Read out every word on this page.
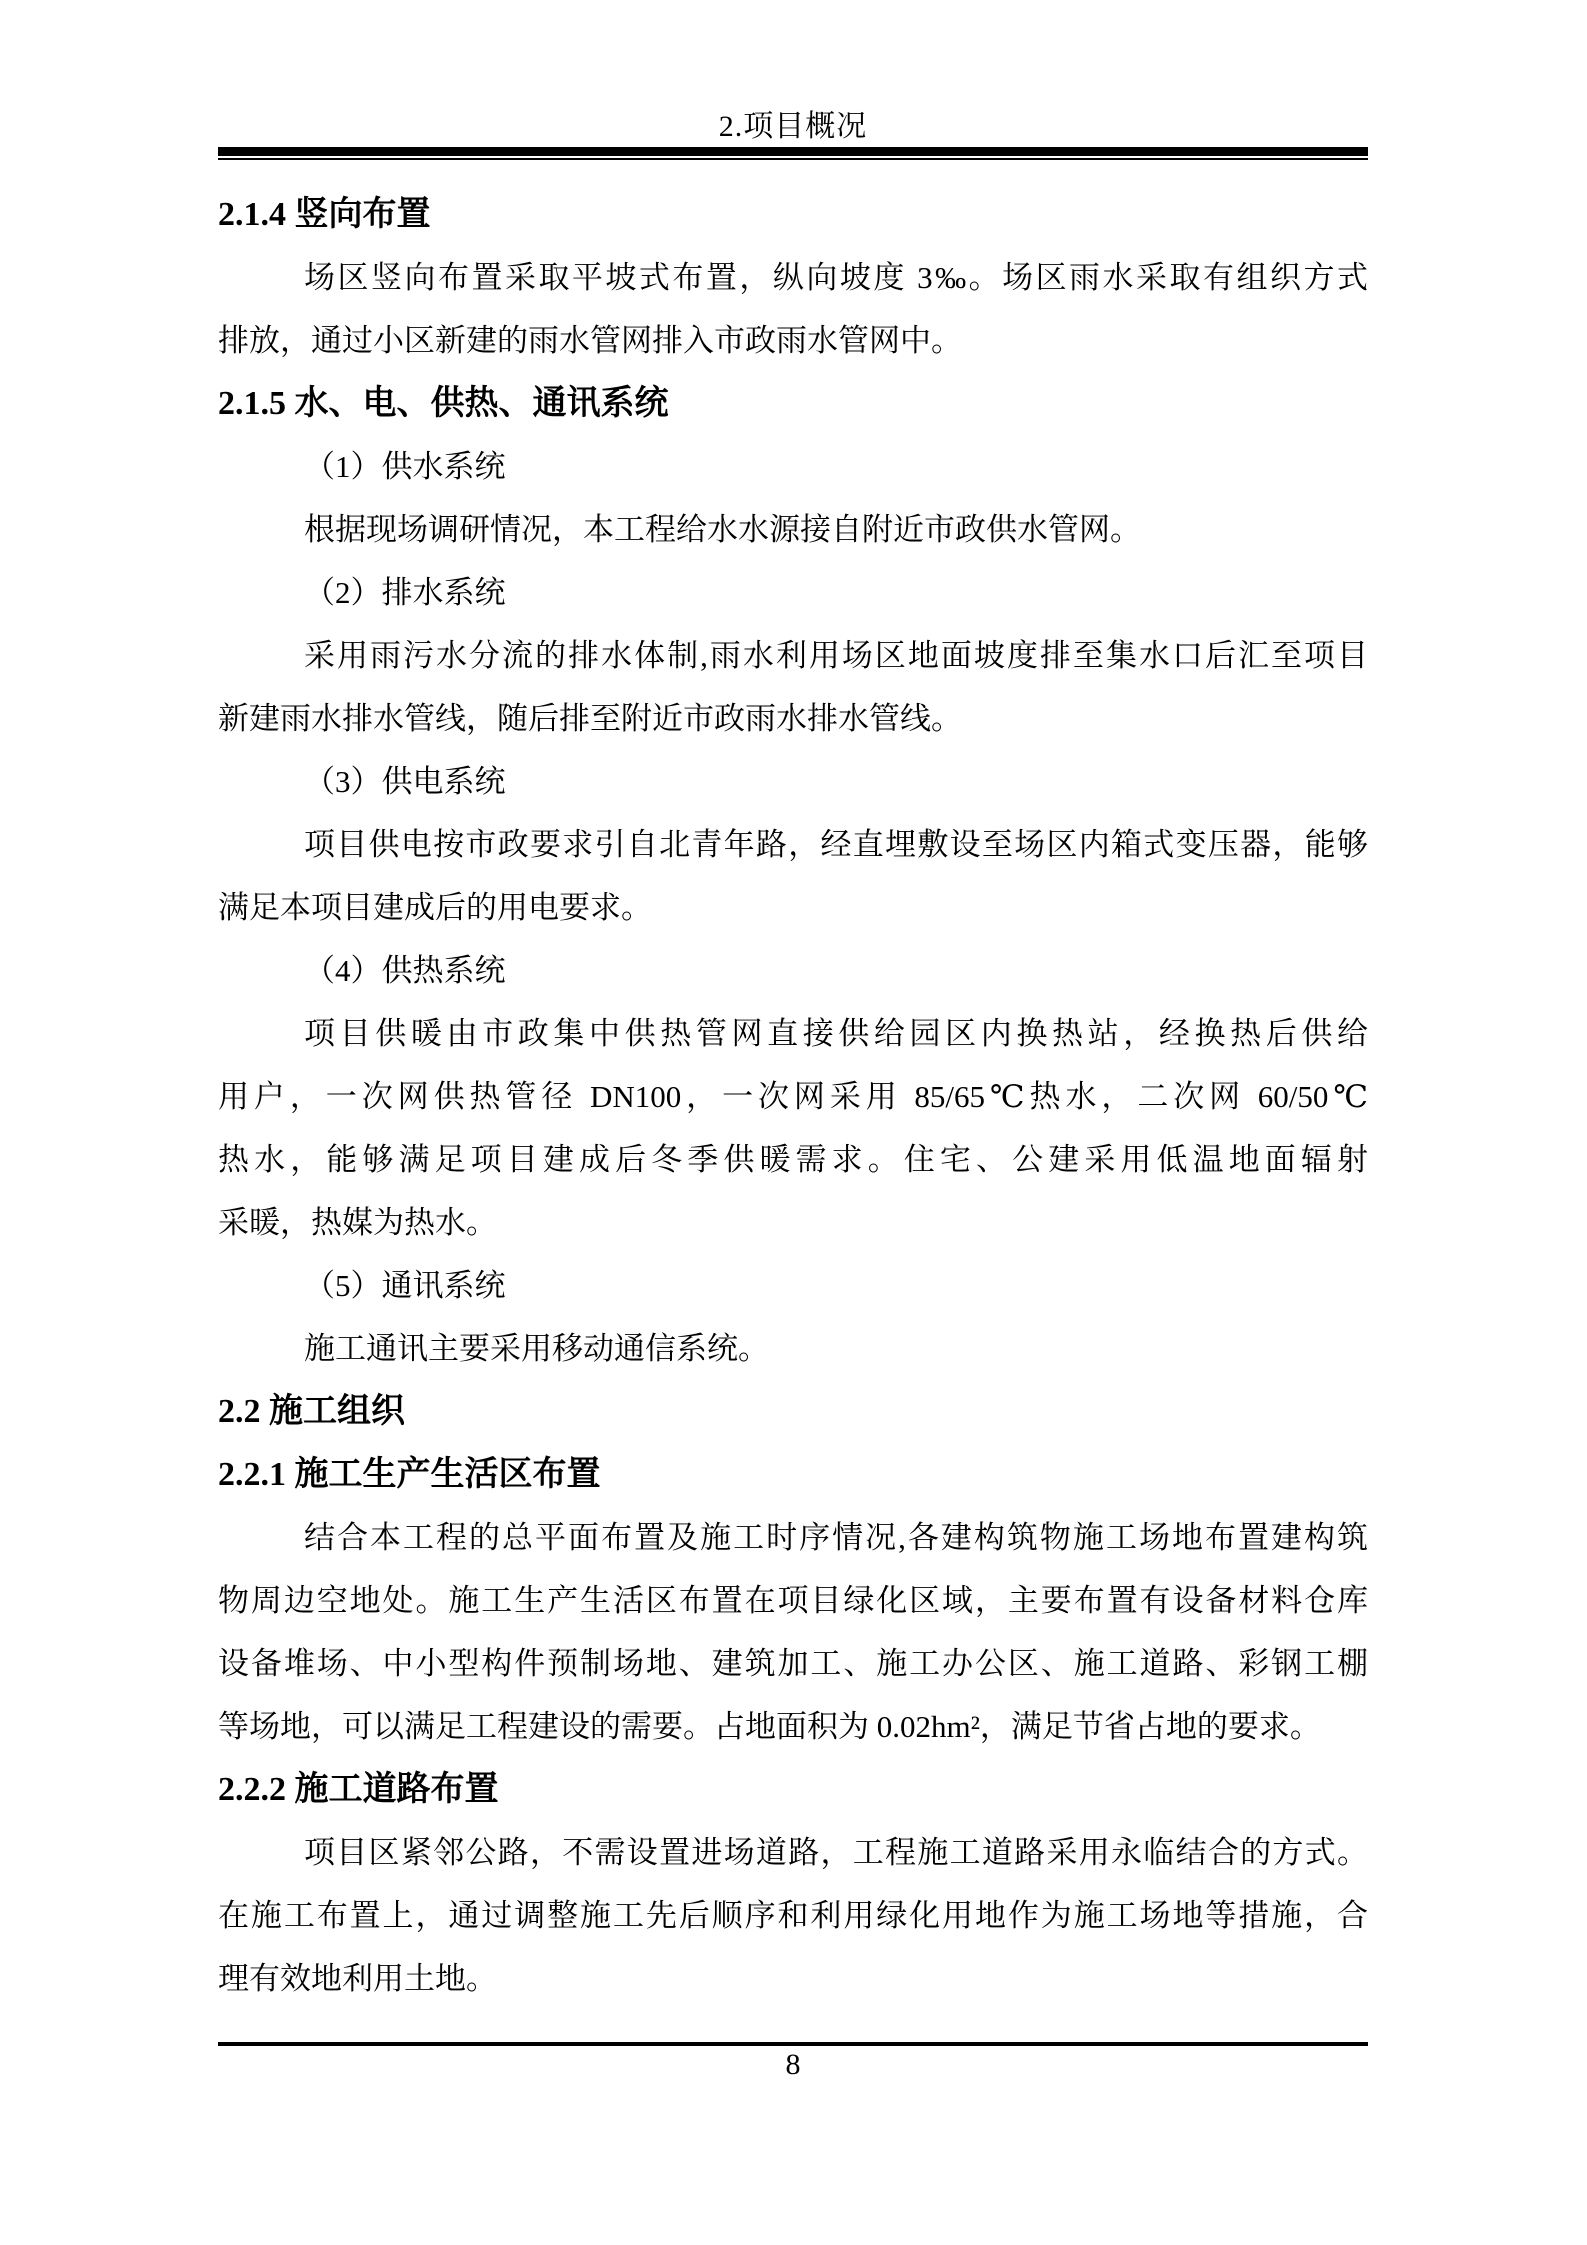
2.项目概况
2.1.4 竖向布置
场区竖向布置采取平坡式布置，纵向坡度 3‰。场区雨水采取有组织方式
排放，通过小区新建的雨水管网排入市政雨水管网中。
2.1.5 水、电、供热、通讯系统
（1）供水系统
根据现场调研情况，本工程给水水源接自附近市政供水管网。
（2）排水系统
采用雨污水分流的排水体制,雨水利用场区地面坡度排至集水口后汇至项目
新建雨水排水管线，随后排至附近市政雨水排水管线。
（3）供电系统
项目供电按市政要求引自北青年路，经直埋敷设至场区内箱式变压器，能够
满足本项目建成后的用电要求。
（4）供热系统
项目供暖由市政集中供热管网直接供给园区内换热站，经换热后供给
用户，一次网供热管径 DN100，一次网采用 85/65℃热水，二次网 60/50℃
热水，能够满足项目建成后冬季供暖需求。住宅、公建采用低温地面辐射
采暖，热媒为热水。
（5）通讯系统
施工通讯主要采用移动通信系统。
2.2 施工组织
2.2.1 施工生产生活区布置
结合本工程的总平面布置及施工时序情况,各建构筑物施工场地布置建构筑
物周边空地处。施工生产生活区布置在项目绿化区域，主要布置有设备材料仓库
设备堆场、中小型构件预制场地、建筑加工、施工办公区、施工道路、彩钢工棚
等场地，可以满足工程建设的需要。占地面积为 0.02hm²，满足节省占地的要求。
2.2.2 施工道路布置
项目区紧邻公路，不需设置进场道路，工程施工道路采用永临结合的方式。
在施工布置上，通过调整施工先后顺序和利用绿化用地作为施工场地等措施，合
理有效地利用土地。
8
